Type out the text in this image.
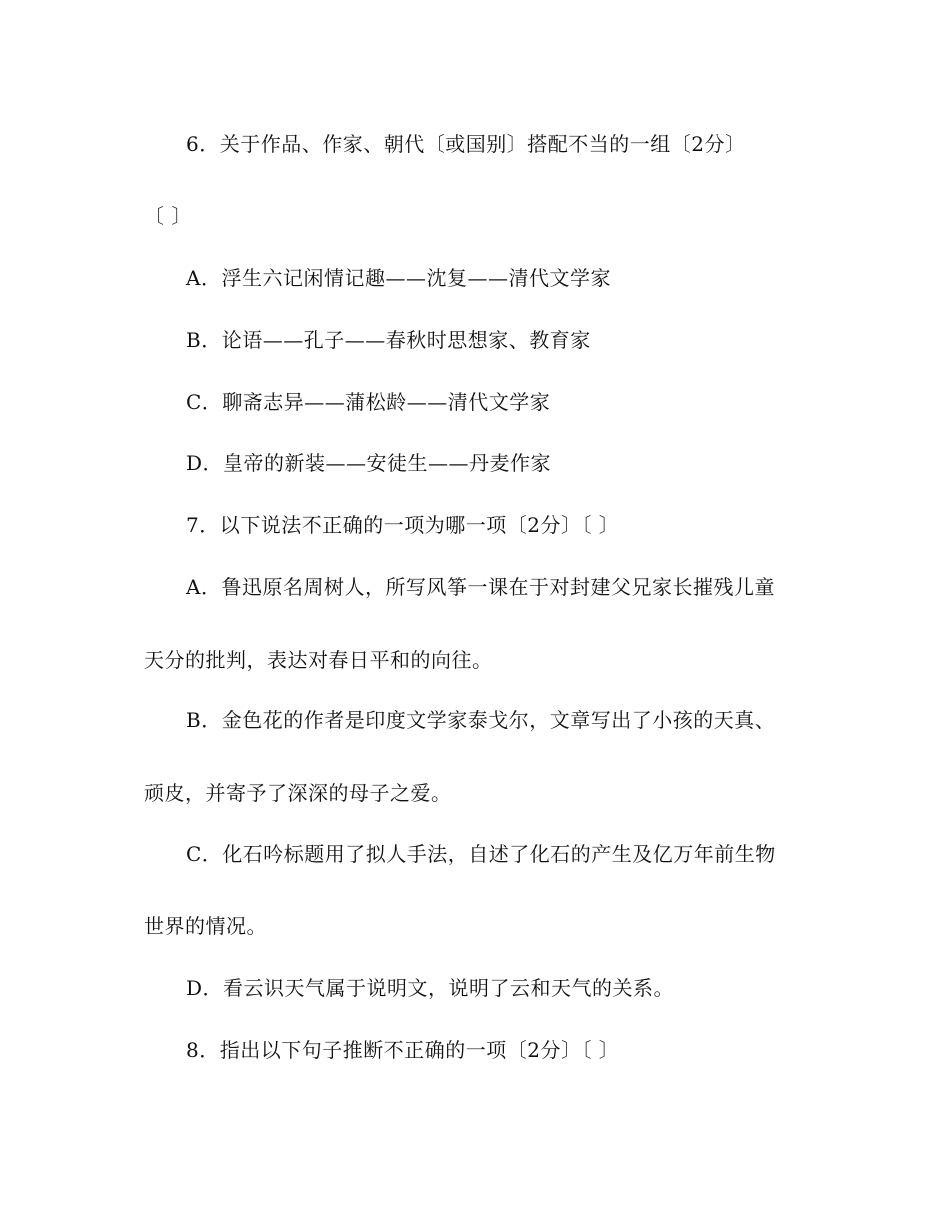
6．关于作品、作家、朝代〔或国别〕搭配不当的一组〔2分〕
〔 〕
A．浮生六记闲情记趣——沈复——清代文学家
B．论语——孔子——春秋时思想家、教育家
C．聊斋志异——蒲松龄——清代文学家
D．皇帝的新装——安徒生——丹麦作家
7．以下说法不正确的一项为哪一项〔2分〕〔 〕
A．鲁迅原名周树人，所写风筝一课在于对封建父兄家长摧残儿童
天分的批判，表达对春日平和的向往。
B．金色花的作者是印度文学家泰戈尔，文章写出了小孩的天真、
顽皮，并寄予了深深的母子之爱。
C．化石吟标题用了拟人手法，自述了化石的产生及亿万年前生物
世界的情况。
D．看云识天气属于说明文，说明了云和天气的关系。
8．指出以下句子推断不正确的一项〔2分〕〔 〕
